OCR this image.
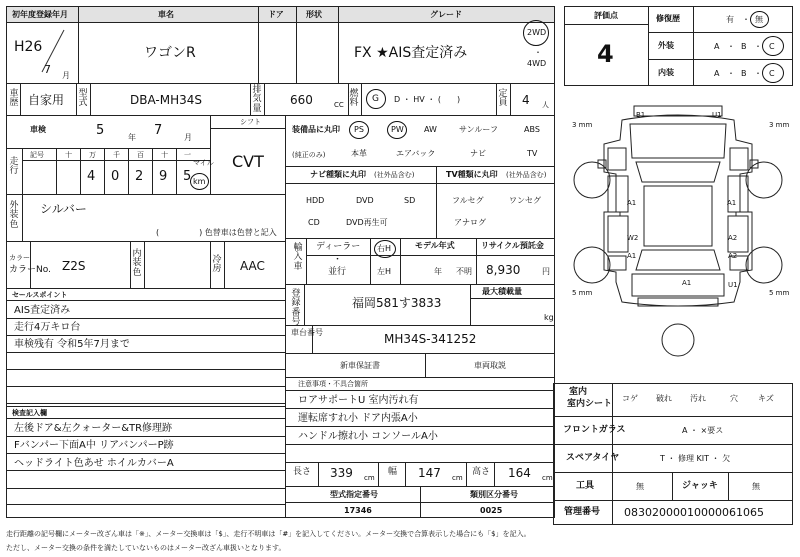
初年度登録年月	車名	ドア	形状	グレード
H26
7 月
ワゴンR	FX ★AIS査定済み
2WD
・
4WD
車歴 自家用 型式	DBA-MH34S
排気量
660	CC
燃料 G D ・ HV ・ (　　)
定員 4 人
車検	5	年 7	月
シフト
CVT
走行
記号	十 万 千 百 十 一
4 0 2 9 5
マイル
km
装備品に丸印
(純正のみ)
PS	PW	AW	サンルーフ	ABS
本革	エアバック	ナビ	TV
ナビ種類に丸印 (社外品含む)	TV種類に丸印 (社外品含む)
HDD	DVD	SD
CD	DVD再生可
フルセグ	ワンセグ
アナログ
外装色
シルバー
(　　　　　) 色替車は色替と記入
カラー
カラーNo. Z2S
内装色
冷房 AAC
輸入車
ディーラー
・
並行
右H
左H
モデル年式
年 不明
リサイクル預託金
8,930	円
登録番号
福岡581す3833
最大積載量
kg
セールスポイント
AIS査定済み
走行4万キロ台
車検残有 令和5年7月まで
車台番号	MH34S-341252
新車保証書	車両取説
注意事項・不具合箇所
ロアサポートU 室内汚れ有
運転席すれ小 ドア内張A小
ハンドル擦れ小 コンソールA小
検査記入欄
左後ドア&左クォーター&TR修理跡
Fバンパー下面A中 リアバンパーP跡
ヘッドライト色あせ ホイルカバーA
長さ 339 cm
幅 147 cm
高さ 164 cm
型式指定番号	類別区分番号
17346	0025
評価点
4
修復歴	有 ・ 無
外装	A ・ B ・ C
内装	A ・ B ・ C
B1	U1
A1	A1
W2
A1
A2
A2
A1	U1
3 mm	3 mm
5 mm	5 mm
室内
室内シート
コゲ 破れ 汚れ	穴	キズ
フロントガラス	A ・ ×要ス
スペアタイヤ	T ・ 修理 KIT ・ 欠
工具	無	ジャッキ	無
管理番号 08302000010000061065
走行距離の記号欄にメーター改ざん車は「※」、メーター交換車は「$」、走行不明車は「#」を記入してください。メーター交換で合算表示した場合にも「$」を記入。
ただし、メーター交換の条件を満たしていないものはメーター改ざん車扱いとなります。
